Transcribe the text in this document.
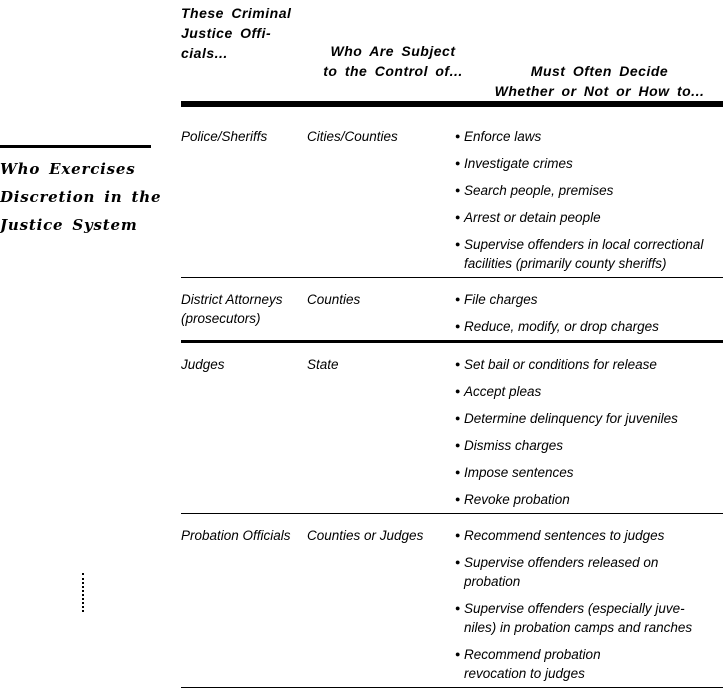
Who Exercises
Discretion in the
Justice System
These Criminal
Justice Offi-
cials...	Who Are Subject
to the Control of...	Must Often Decide
Whether or Not or How to...
Police/Sheriffs	Cities/Counties	● Enforce laws
● Investigate crimes
● Search people, premises
● Arrest or detain people
● Supervise offenders in local correctional
facilities (primarily county sheriffs)
District Attorneys
(prosecutors)
Counties	● File charges
● Reduce, modify, or drop charges
Judges	State	● Set bail or conditions for release
● Accept pleas
● Determine delinquency for juveniles
● Dismiss charges
● Impose sentences
● Revoke probation
Probation Officials	Counties or Judges	● Recommend sentences to judges
● Supervise offenders released on
probation
● Supervise offenders (especially juve-
niles) in probation camps and ranches
● Recommend probation
revocation to judges
